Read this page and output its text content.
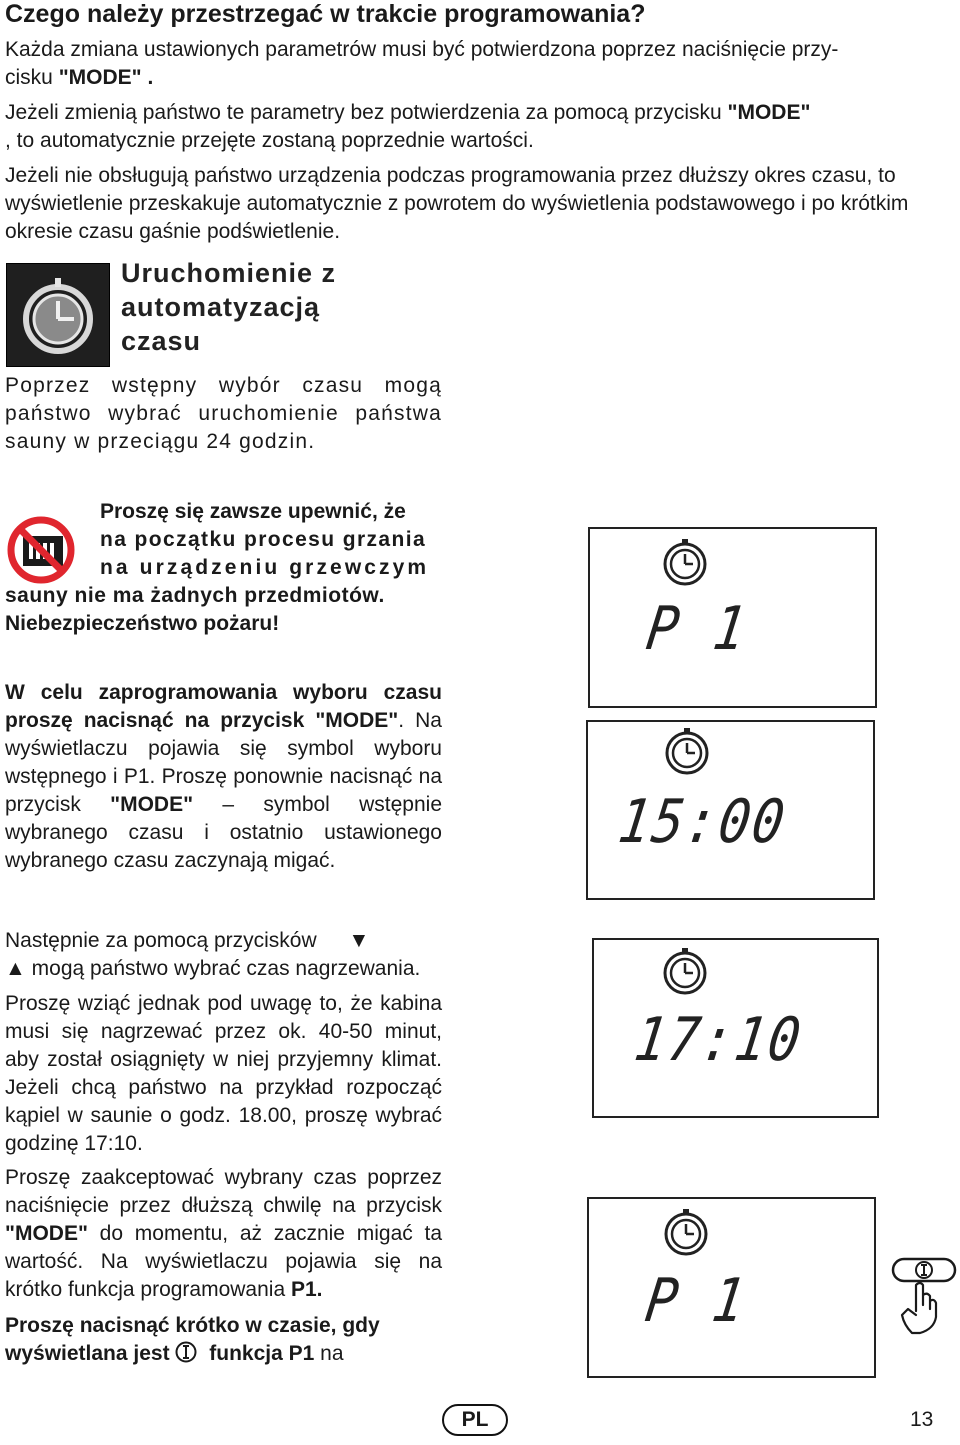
Czego należy przestrzegać w trakcie programowania?
Każda zmiana ustawionych parametrów musi być potwierdzona poprzez naciśnięcie przy-
cisku "MODE" .
Jeżeli zmienią państwo te parametry bez potwierdzenia za pomocą przycisku "MODE"
, to automatycznie przejęte zostaną poprzednie wartości.
Jeżeli nie obsługują państwo urządzenia podczas programowania przez dłuższy okres czasu, to wyświetlenie przeskakuje automatycznie z powrotem do wyświetlenia podstawowego i po krótkim okresie czasu gaśnie podświetlenie.
Uruchomienie z
automatyzacją
czasu
Poprzez wstępny wybór czasu mogą państwo wybrać uruchomienie państwa sauny w przeciągu 24 godzin.
Proszę się zawsze upewnić, że
na początku procesu grzania
na urządzeniu grzewczym
sauny nie ma żadnych przedmiotów.
Niebezpieczeństwo pożaru!
W celu zaprogramowania wyboru czasu proszę nacisnąć na przycisk "MODE". Na wyświetlaczu pojawia się symbol wyboru wstępnego i P1. Proszę ponownie nacisnąć na przycisk "MODE" – symbol wstępnie wybranego czasu i ostatnio ustawionego wybranego czasu zaczynają migać.
Następnie za pomocą przycisków ▼
▲ mogą państwo wybrać czas nagrzewania.
Proszę wziąć jednak pod uwagę to, że kabina musi się nagrzewać przez ok. 40-50 minut, aby został osiągnięty w niej przyjemny klimat. Jeżeli chcą państwo na przykład rozpocząć kąpiel w saunie o godz. 18.00, proszę wybrać godzinę 17:10.
Proszę zaakceptować wybrany czas poprzez naciśnięcie przez dłuższą chwilę na przycisk "MODE" do momentu, aż zacznie migać ta wartość. Na wyświetlaczu pojawia się na krótko funkcja programowania P1.
Proszę nacisnąć krótko w czasie, gdy wyświetlana jest funkcja P1 na
P 1
15:00
17:10
P 1
PL	13
